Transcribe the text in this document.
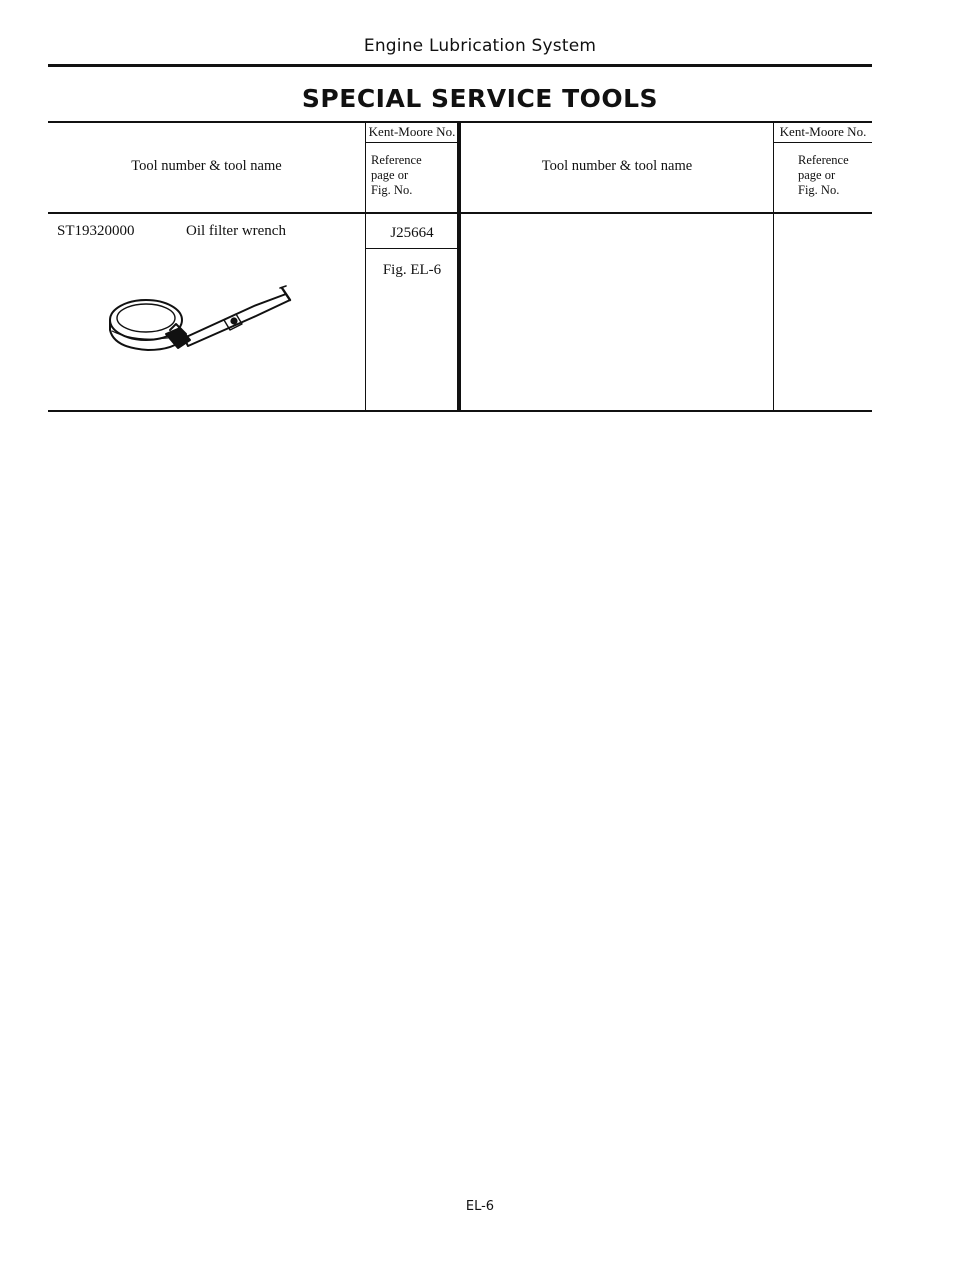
Engine Lubrication System
SPECIAL SERVICE TOOLS
Tool number & tool name
Kent-Moore No.
Reference
page or
Fig. No.
Tool number & tool name
Kent-Moore No.
Reference
page or
Fig. No.
ST19320000	Oil filter wrench	J25664
Fig. EL-6
EL-6
